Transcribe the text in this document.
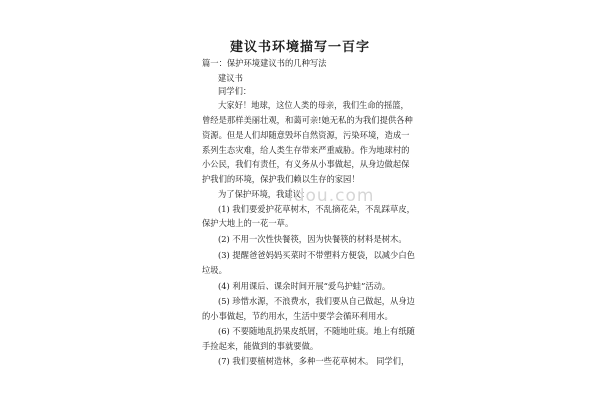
建议书环境描写一百字
篇一：保护环境建议书的几种写法
建议书
同学们：
大家好！地球，这位人类的母亲，我们生命的摇篮，
曾经是那样美丽壮观，和蔼可亲!她无私的为我们提供各种
资源。但是人们却随意毁坏自然资源，污染环境，造成一
系列生态灾难，给人类生存带来严重威胁。作为地球村的
小公民，我们有责任，有义务从小事做起，从身边做起保
护我们的环境，保护我们赖以生存的家园！
为了保护环境，我建议：
(1) 我们要爱护花草树木，不乱摘花朵，不乱踩草皮，
保护大地上的一花一草。
(2) 不用一次性快餐筷，因为快餐筷的材料是树木。
(3) 提醒爸爸妈妈买菜时不带塑料方便袋，以减少白色
垃圾。
(4) 利用课后、课余时间开展“爱鸟护蛙”活动。
(5) 珍惜水源，不浪费水，我们要从自己做起，从身边
的小事做起，节约用水，生活中要学会循环利用水。
(6) 不要随地乱扔果皮纸屑，不随地吐痰。地上有纸随
手捡起来，能做到的事就要做。
(7) 我们要植树造林，多种一些花草树木。 同学们，
idou.com
